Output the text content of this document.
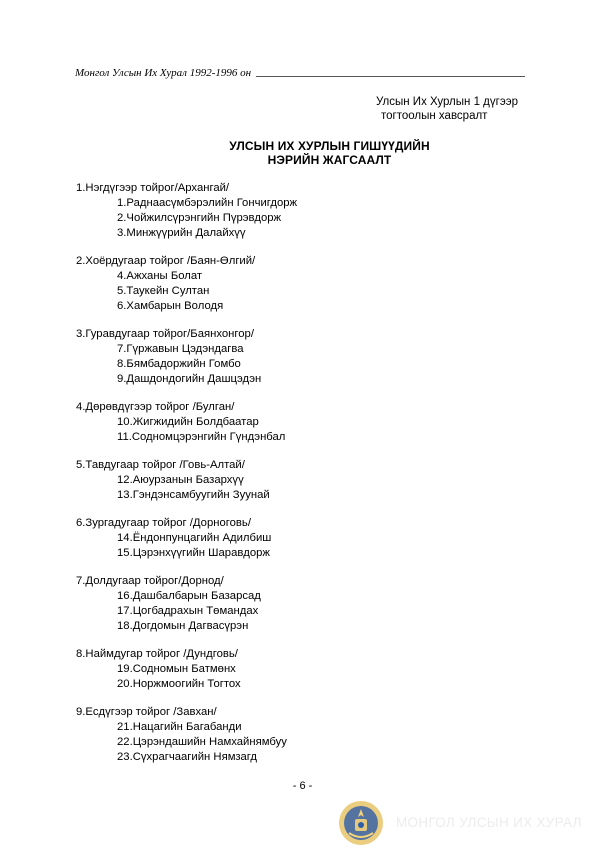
Монгол Улсын Их Хурал 1992-1996 он
Улсын Их Хурлын 1 дүгээр
тогтоолын хавсралт
УЛСЫН ИХ ХУРЛЫН ГИШҮҮДИЙН
НЭРИЙН ЖАГСААЛТ
1.Нэгдүгээр тойрог/Архангай/
1.Раднаасүмбэрэлийн Гончигдорж
2.Чойжилсүрэнгийн Пүрэвдорж
3.Минжүүрийн Далайхүү
2.Хоёрдугаар тойрог /Баян-Өлгий/
4.Ажханы Болат
5.Таукейн Султан
6.Хамбарын Володя
3.Гуравдугаар тойрог/Баянхонгор/
7.Гүржавын Цэдэндагва
8.Бямбадоржийн Гомбо
9.Дашдондогийн Дашцэдэн
4.Дөрөвдүгээр тойрог /Булган/
10.Жигжидийн Болдбаатар
11.Содномцэрэнгийн Гүндэнбал
5.Тавдугаар тойрог /Говь-Алтай/
12.Аюурзанын Базархүү
13.Гэндэнсамбуугийн Зуунай
6.Зургадугаар тойрог /Дорноговь/
14.Ёндонпунцагийн Адилбиш
15.Цэрэнхүүгийн Шаравдорж
7.Долдугаар тойрог/Дорнод/
16.Дашбалбарын Базарсад
17.Цогбадрахын Төмандах
18.Догдомын Дагвасүрэн
8.Наймдугар тойрог /Дундговь/
19.Содномын Батмөнх
20.Норжмоогийн Тогтох
9.Есдүгээр тойрог /Завхан/
21.Нацагийн Багабанди
22.Цэрэндашийн Намхайнямбуу
23.Сүхрагчаагийн Нямзагд
- 6 -
МОНГОЛ УЛСЫН ИХ ХУРАЛ
